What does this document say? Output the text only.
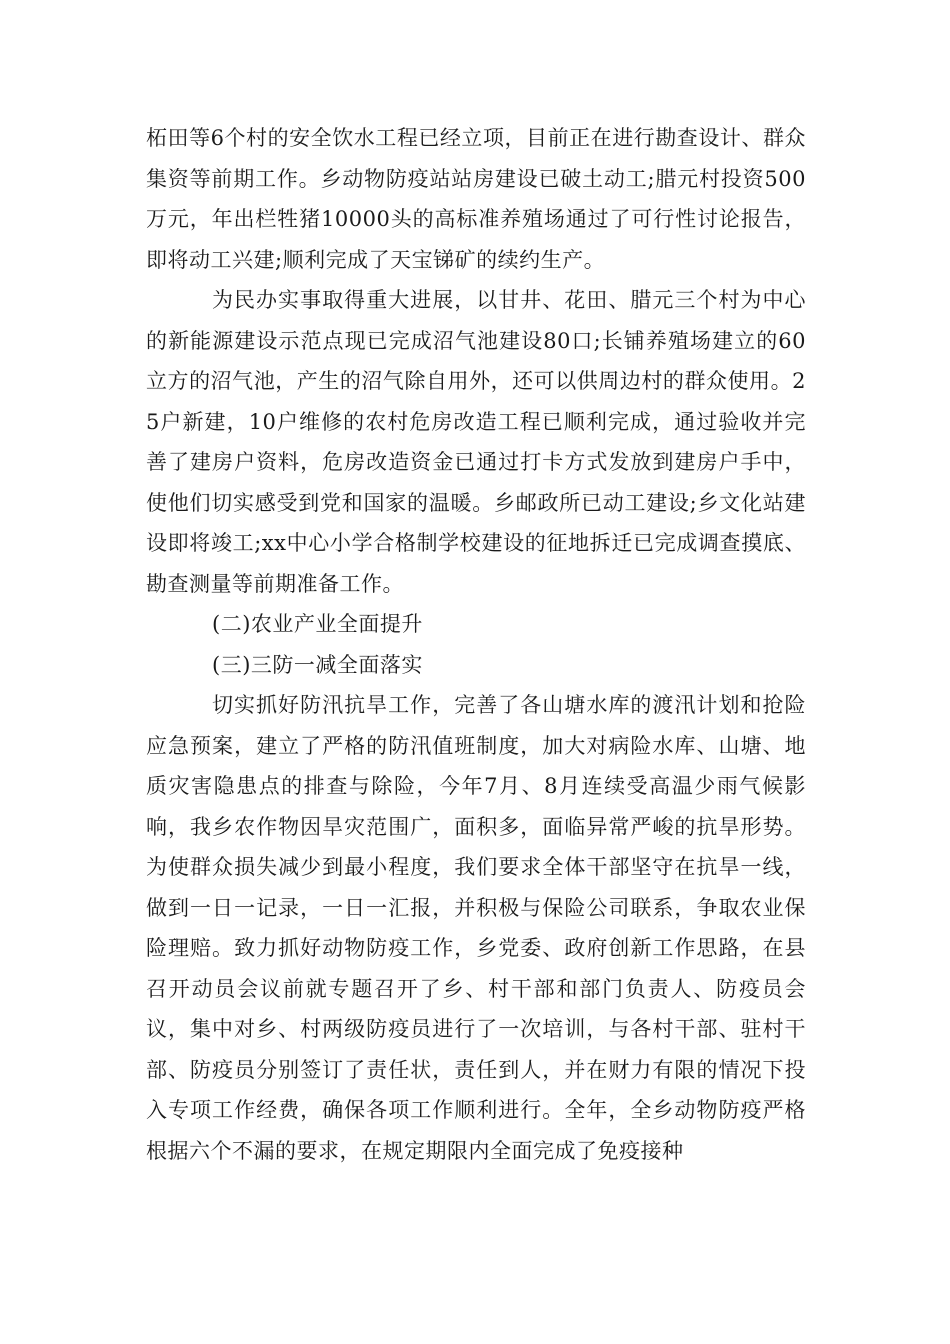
柘田等6个村的安全饮水工程已经立项，目前正在进行勘查设计、群众集资等前期工作。乡动物防疫站站房建设已破土动工;腊元村投资500万元，年出栏牲猪10000头的高标准养殖场通过了可行性讨论报告，即将动工兴建;顺利完成了天宝锑矿的续约生产。

为民办实事取得重大进展，以甘井、花田、腊元三个村为中心的新能源建设示范点现已完成沼气池建设80口;长铺养殖场建立的60立方的沼气池，产生的沼气除自用外，还可以供周边村的群众使用。25户新建，10户维修的农村危房改造工程已顺利完成，通过验收并完善了建房户资料，危房改造资金已通过打卡方式发放到建房户手中，使他们切实感受到党和国家的温暖。乡邮政所已动工建设;乡文化站建设即将竣工;xx中心小学合格制学校建设的征地拆迁已完成调查摸底、勘查测量等前期准备工作。

(二)农业产业全面提升

(三)三防一减全面落实

切实抓好防汛抗旱工作，完善了各山塘水库的渡汛计划和抢险应急预案，建立了严格的防汛值班制度，加大对病险水库、山塘、地质灾害隐患点的排查与除险，今年7月、8月连续受高温少雨气候影响，我乡农作物因旱灾范围广，面积多，面临异常严峻的抗旱形势。为使群众损失减少到最小程度，我们要求全体干部坚守在抗旱一线，做到一日一记录，一日一汇报，并积极与保险公司联系，争取农业保险理赔。致力抓好动物防疫工作，乡党委、政府创新工作思路，在县召开动员会议前就专题召开了乡、村干部和部门负责人、防疫员会议，集中对乡、村两级防疫员进行了一次培训，与各村干部、驻村干部、防疫员分别签订了责任状，责任到人，并在财力有限的情况下投入专项工作经费，确保各项工作顺利进行。全年，全乡动物防疫严格根据六个不漏的要求，在规定期限内全面完成了免疫接种
